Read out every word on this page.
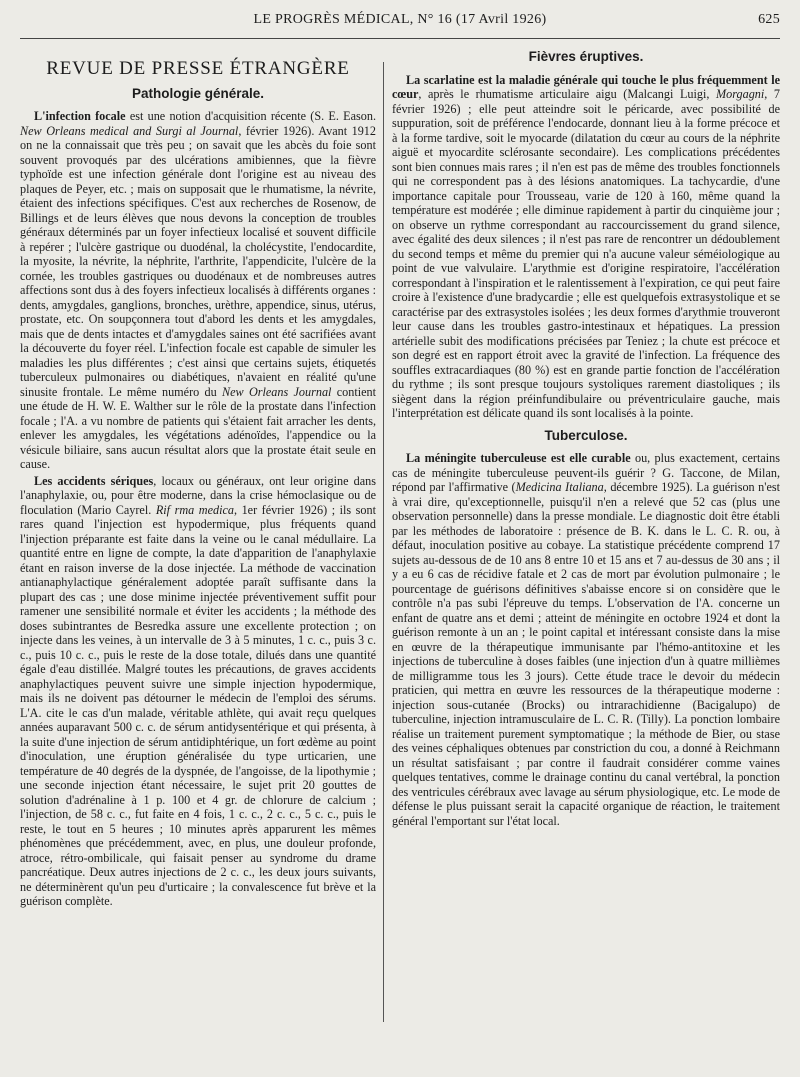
LE PROGRÈS MÉDICAL, N° 16 (17 Avril 1926)	625
REVUE DE PRESSE ÉTRANGÈRE
Pathologie générale.

L'infection focale est une notion d'acquisition récente (S. E. Eason. New Orleans medical and Surgi al Journal, février 1926). Avant 1912 on ne la connaissait que très peu ; on savait que les abcès du foie sont souvent provoqués par des ulcérations amibiennes, que la fièvre typhoïde est une infection générale dont l'origine est au niveau des plaques de Peyer, etc. ; mais on supposait que le rhumatisme, la névrite, étaient des infections spécifiques. C'est aux recherches de Rosenow, de Billings et de leurs élèves que nous devons la conception de troubles généraux déterminés par un foyer infectieux localisé et souvent difficile à repérer ; l'ulcère gastrique ou duodénal, la cholécystite, l'endocardite, la myosite, la névrite, la néphrite, l'arthrite, l'appendicite, l'ulcère de la cornée, les troubles gastriques ou duodénaux et de nombreuses autres affections sont dus à des foyers infectieux localisés à différents organes : dents, amygdales, ganglions, bronches, urèthre, appendice, sinus, utérus, prostate, etc. On soupçonnera tout d'abord les dents et les amygdales, mais que de dents intactes et d'amygdales saines ont été sacrifiées avant la découverte du foyer réel. L'infection focale est capable de simuler les maladies les plus différentes ; c'est ainsi que certains sujets, étiquetés tuberculeux pulmonaires ou diabétiques, n'avaient en réalité qu'une sinusite frontale. Le même numéro du New Orleans Journal contient une étude de H. W. E. Walther sur le rôle de la prostate dans l'infection focale ; l'A. a vu nombre de patients qui s'étaient fait arracher les dents, enlever les amygdales, les végétations adénoïdes, l'appendice ou la vésicule biliaire, sans aucun résultat alors que la prostate était seule en cause.

Les accidents sériques, locaux ou généraux, ont leur origine dans l'anaphylaxie, ou, pour être moderne, dans la crise hémoclasique ou de floculation (Mario Cayrel. Rif rma medica, 1er février 1926) ; ils sont rares quand l'injection est hypodermique, plus fréquents quand l'injection préparante est faite dans la veine ou le canal médullaire. La quantité entre en ligne de compte, la date d'apparition de l'anaphylaxie étant en raison inverse de la dose injectée. La méthode de vaccination antianaphylactique généralement adoptée paraît suffisante dans la plupart des cas ; une dose minime injectée préventivement suffit pour ramener une sensibilité normale et éviter les accidents ; la méthode des doses subintrantes de Besredka assure une excellente protection ; on injecte dans les veines, à un intervalle de 3 à 5 minutes, 1 c. c., puis 3 c. c., puis 10 c. c., puis le reste de la dose totale, dilués dans une quantité égale d'eau distillée. Malgré toutes les précautions, de graves accidents anaphylactiques peuvent suivre une simple injection hypodermique, mais ils ne doivent pas détourner le médecin de l'emploi des sérums. L'A. cite le cas d'un malade, véritable athlète, qui avait reçu quelques années auparavant 500 c. c. de sérum antidysentérique et qui présenta, à la suite d'une injection de sérum antidiphtérique, un fort œdème au point d'inoculation, une éruption généralisée du type urticarien, une température de 40 degrés de la dyspnée, de l'angoisse, de la lipothymie ; une seconde injection étant nécessaire, le sujet prit 20 gouttes de solution d'adrénaline à 1 p. 100 et 4 gr. de chlorure de calcium ; l'injection, de 58 c. c., fut faite en 4 fois, 1 c. c., 2 c. c., 5 c. c., puis le reste, le tout en 5 heures ; 10 minutes après apparurent les mêmes phénomènes que précédemment, avec, en plus, une douleur profonde, atroce, rétro-ombilicale, qui faisait penser au syndrome du drame pancréatique. Deux autres injections de 2 c. c., les deux jours suivants, ne déterminèrent qu'un peu d'urticaire ; la convalescence fut brève et la guérison complète.

Fièvres éruptives.

La scarlatine est la maladie générale qui touche le plus fréquemment le cœur, après le rhumatisme articulaire aigu (Malcangi Luigi, Morgagni, 7 février 1926) ; elle peut atteindre soit le péricarde, avec possibilité de suppuration, soit de préférence l'endocarde, donnant lieu à la forme précoce et à la forme tardive, soit le myocarde (dilatation du cœur au cours de la néphrite aiguë et myocardite sclérosante secondaire). Les complications précédentes sont bien connues mais rares ; il n'en est pas de même des troubles fonctionnels qui ne correspondent pas à des lésions anatomiques. La tachycardie, d'une importance capitale pour Trousseau, varie de 120 à 160, même quand la température est modérée ; elle diminue rapidement à partir du cinquième jour ; on observe un rythme correspondant au raccourcissement du grand silence, avec égalité des deux silences ; il n'est pas rare de rencontrer un dédoublement du second temps et même du premier qui n'a aucune valeur séméiologique au point de vue valvulaire. L'arythmie est d'origine respiratoire, l'accélération correspondant à l'inspiration et le ralentissement à l'expiration, ce qui peut faire croire à l'existence d'une bradycardie ; elle est quelquefois extrasystolique et se caractérise par des extrasystoles isolées ; les deux formes d'arythmie trouveront leur cause dans les troubles gastro-intestinaux et hépatiques. La pression artérielle subit des modifications précisées par Teniez ; la chute est précoce et son degré est en rapport étroit avec la gravité de l'infection. La fréquence des souffles extracardiaques (80 %) est en grande partie fonction de l'accélération du rythme ; ils sont presque toujours systoliques rarement diastoliques ; ils siègent dans la région préinfundibulaire ou préventriculaire gauche, mais l'interprétation est délicate quand ils sont localisés à la pointe.

Tuberculose.

La méningite tuberculeuse est elle curable ou, plus exactement, certains cas de méningite tuberculeuse peuvent-ils guérir ? G. Taccone, de Milan, répond par l'affirmative (Medicina Italiana, décembre 1925). La guérison n'est à vrai dire, qu'exceptionnelle, puisqu'il n'en a relevé que 52 cas (plus une observation personnelle) dans la presse mondiale. Le diagnostic doit être établi par les méthodes de laboratoire : présence de B. K. dans le L. C. R. ou, à défaut, inoculation positive au cobaye. La statistique précédente comprend 17 sujets au-dessous de de 10 ans 8 entre 10 et 15 ans et 7 au-dessus de 30 ans ; il y a eu 6 cas de récidive fatale et 2 cas de mort par évolution pulmonaire ; le pourcentage de guérisons définitives s'abaisse encore si on considère que le contrôle n'a pas subi l'épreuve du temps. L'observation de l'A. concerne un enfant de quatre ans et demi ; atteint de méningite en octobre 1924 et dont la guérison remonte à un an ; le point capital et intéressant consiste dans la mise en œuvre de la thérapeutique immunisante par l'hémo-antitoxine et les injections de tuberculine à doses faibles (une injection d'un à quatre millièmes de milligramme tous les 3 jours). Cette étude trace le devoir du médecin praticien, qui mettra en œuvre les ressources de la thérapeutique moderne : injection sous-cutanée (Brocks) ou intrarachidienne (Bacigalupo) de tuberculine, injection intramusculaire de L. C. R. (Tilly). La ponction lombaire réalise un traitement purement symptomatique ; la méthode de Bier, ou stase des veines céphaliques obtenues par constriction du cou, a donné à Reichmann un résultat satisfaisant ; par contre il faudrait considérer comme vaines quelques tentatives, comme le drainage continu du canal vertébral, la ponction des ventricules cérébraux avec lavage au sérum physiologique, etc. Le mode de défense le plus puissant serait la capacité organique de réaction, le traitement général l'emportant sur l'état local.
